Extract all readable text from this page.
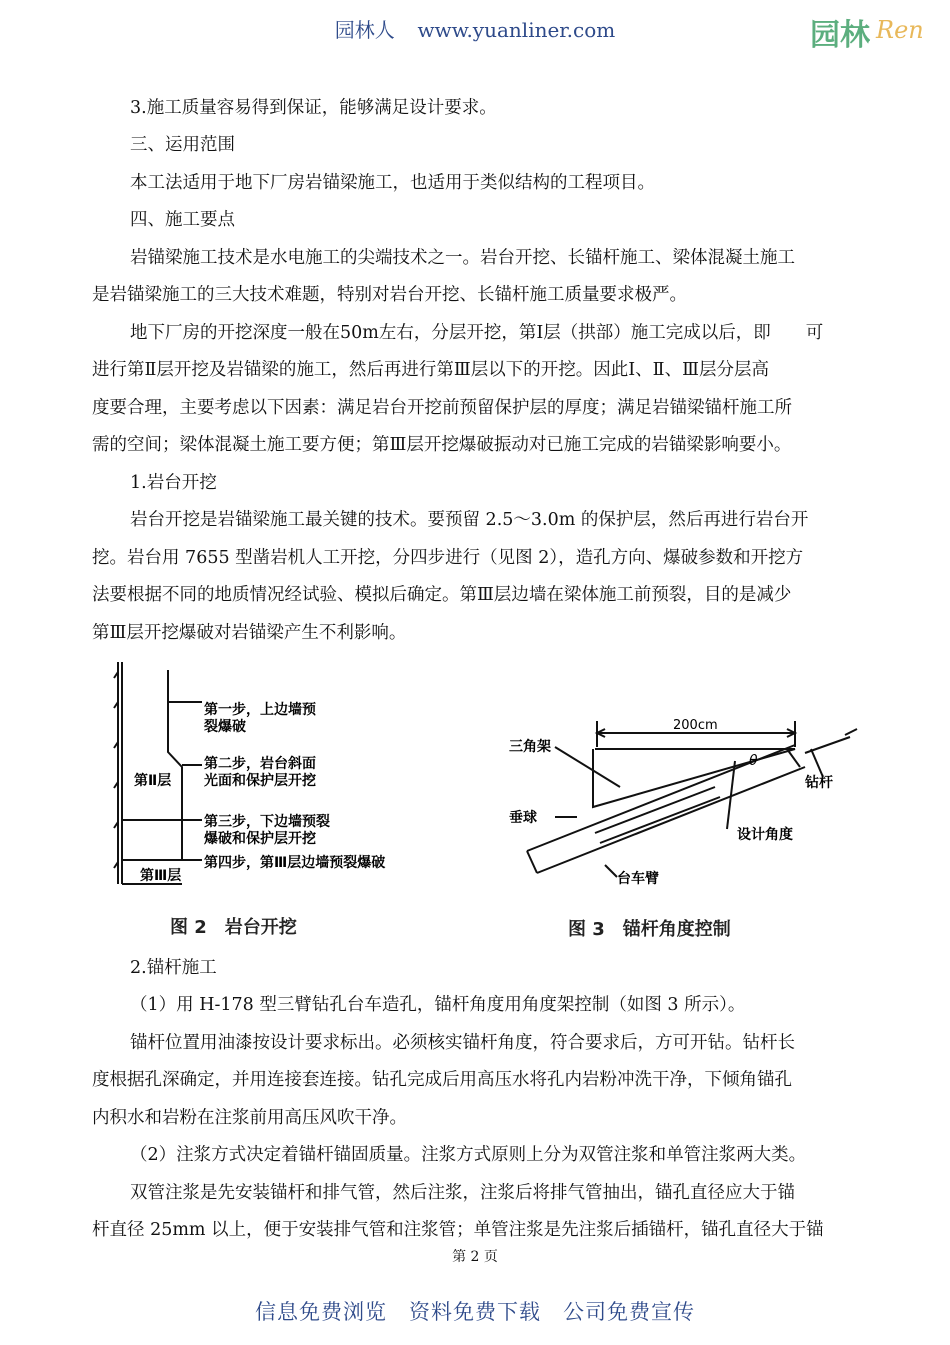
园林人 www.yuanliner.com	园林 Ren
3.施工质量容易得到保证，能够满足设计要求。
三、运用范围
本工法适用于地下厂房岩锚梁施工，也适用于类似结构的工程项目。
四、施工要点
岩锚梁施工技术是水电施工的尖端技术之一。岩台开挖、长锚杆施工、梁体混凝土施工
是岩锚梁施工的三大技术难题，特别对岩台开挖、长锚杆施工质量要求极严。
地下厂房的开挖深度一般在50m左右，分层开挖，第Ⅰ层（拱部）施工完成以后，即　　可
进行第Ⅱ层开挖及岩锚梁的施工，然后再进行第Ⅲ层以下的开挖。因此Ⅰ、Ⅱ、Ⅲ层分层高
度要合理，主要考虑以下因素：满足岩台开挖前预留保护层的厚度；满足岩锚梁锚杆施工所
需的空间；梁体混凝土施工要方便；第Ⅲ层开挖爆破振动对已施工完成的岩锚梁影响要小。
1.岩台开挖
岩台开挖是岩锚梁施工最关键的技术。要预留 2.5～3.0m 的保护层，然后再进行岩台开
挖。岩台用 7655 型凿岩机人工开挖，分四步进行（见图 2），造孔方向、爆破参数和开挖方
法要根据不同的地质情况经试验、模拟后确定。第Ⅲ层边墙在梁体施工前预裂，目的是减少
第Ⅲ层开挖爆破对岩锚梁产生不利影响。
第一步，上边墙预
裂爆破
第二步，岩台斜面
光面和保护层开挖
第Ⅱ层
第三步，下边墙预裂
爆破和保护层开挖
第四步，第Ⅲ层边墙预裂爆破
第Ⅲ层
图 2　岩台开挖
200cm
三角架
θ
钻杆
垂球
设计角度
台车臂
图 3　锚杆角度控制
2.锚杆施工
（1）用 H-178 型三臂钻孔台车造孔，锚杆角度用角度架控制（如图 3 所示）。
锚杆位置用油漆按设计要求标出。必须核实锚杆角度，符合要求后，方可开钻。钻杆长
度根据孔深确定，并用连接套连接。钻孔完成后用高压水将孔内岩粉冲洗干净，下倾角锚孔
内积水和岩粉在注浆前用高压风吹干净。
（2）注浆方式决定着锚杆锚固质量。注浆方式原则上分为双管注浆和单管注浆两大类。
双管注浆是先安装锚杆和排气管，然后注浆，注浆后将排气管抽出，锚孔直径应大于锚
杆直径 25mm 以上，便于安装排气管和注浆管；单管注浆是先注浆后插锚杆，锚孔直径大于锚
第 2 页
信息免费浏览　资料免费下载　公司免费宣传
